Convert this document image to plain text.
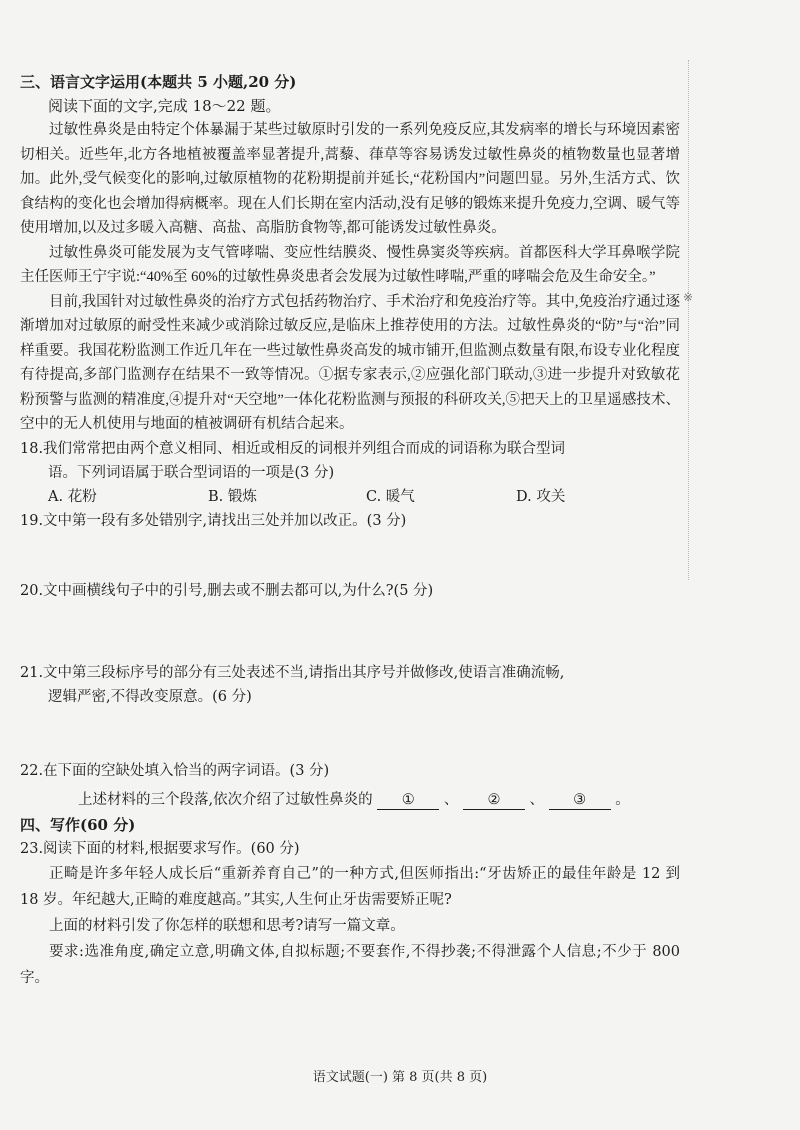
※
三、语言文字运用(本题共 5 小题,20 分)
阅读下面的文字,完成 18～22 题。

过敏性鼻炎是由特定个体暴漏于某些过敏原时引发的一系列免疫反应,其发病率的增长与环境因素密切相关。近些年,北方各地植被覆盖率显著提升,蒿藜、葎草等容易诱发过敏性鼻炎的植物数量也显著增加。此外,受气候变化的影响,过敏原植物的花粉期提前并延长,“花粉国内”问题凹显。另外,生活方式、饮食结构的变化也会增加得病概率。现在人们长期在室内活动,没有足够的锻炼来提升免疫力,空调、暖气等使用增加,以及过多暖入高糖、高盐、高脂肪食物等,都可能诱发过敏性鼻炎。

过敏性鼻炎可能发展为支气管哮喘、变应性结膜炎、慢性鼻窦炎等疾病。首都医科大学耳鼻喉学院主任医师王宁宇说:“40%至 60%的过敏性鼻炎患者会发展为过敏性哮喘,严重的哮喘会危及生命安全。”

目前,我国针对过敏性鼻炎的治疗方式包括药物治疗、手术治疗和免疫治疗等。其中,免疫治疗通过逐渐增加对过敏原的耐受性来减少或消除过敏反应,是临床上推荐使用的方法。过敏性鼻炎的“防”与“治”同样重要。我国花粉监测工作近几年在一些过敏性鼻炎高发的城市铺开,但监测点数量有限,布设专业化程度有待提高,多部门监测存在结果不一致等情况。①据专家表示,②应强化部门联动,③进一步提升对致敏花粉预警与监测的精准度,④提升对“天空地”一体化花粉监测与预报的科研攻关,⑤把天上的卫星遥感技术、空中的无人机使用与地面的植被调研有机结合起来。

18.我们常常把由两个意义相同、相近或相反的词根并列组合而成的词语称为联合型词
语。下列词语属于联合型词语的一项是(3 分)
A. 花粉	B. 锻炼	C. 暖气	D. 攻关
19.文中第一段有多处错别字,请找出三处并加以改正。(3 分)
20.文中画横线句子中的引号,删去或不删去都可以,为什么?(5 分)
21.文中第三段标序号的部分有三处表述不当,请指出其序号并做修改,使语言准确流畅,
逻辑严密,不得改变原意。(6 分)
22.在下面的空缺处填入恰当的两字词语。(3 分)
上述材料的三个段落,依次介绍了过敏性鼻炎的 ① 、 ② 、 ③ 。
四、写作(60 分)
23.阅读下面的材料,根据要求写作。(60 分)

正畸是许多年轻人成长后“重新养育自己”的一种方式,但医师指出:“牙齿矫正的最佳年龄是 12 到 18 岁。年纪越大,正畸的难度越高。”其实,人生何止牙齿需要矫正呢?

上面的材料引发了你怎样的联想和思考?请写一篇文章。

要求:选准角度,确定立意,明确文体,自拟标题;不要套作,不得抄袭;不得泄露个人信息;不少于 800 字。

语文试题(一) 第 8 页(共 8 页)
